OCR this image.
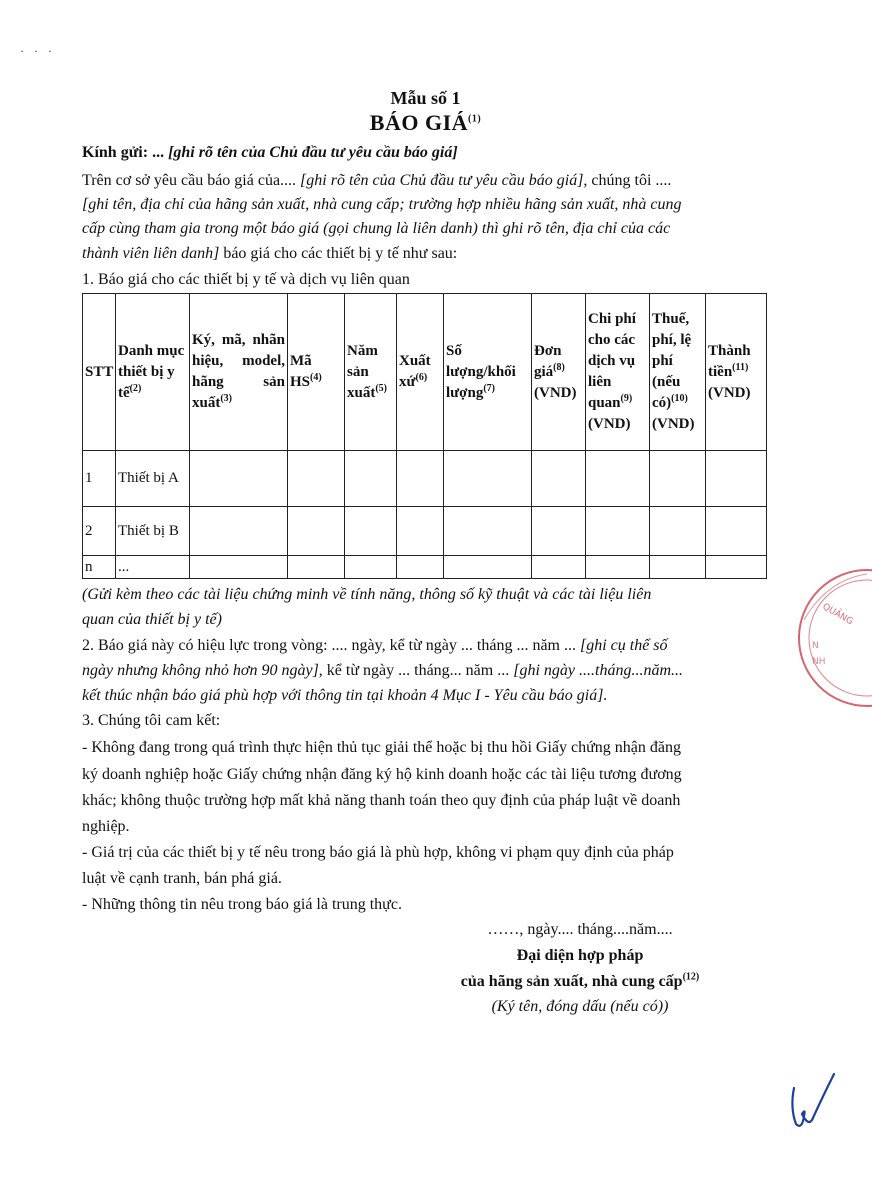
···
Mẫu số 1
BÁO GIÁ$^{(1)}$
Kính gửi: ... [ghi rõ tên của Chủ đầu tư yêu cầu báo giá]
Trên cơ sở yêu cầu báo giá của.... [ghi rõ tên của Chủ đầu tư yêu cầu báo giá], chúng tôi ....
[ghi tên, địa chỉ của hãng sản xuất, nhà cung cấp; trường hợp nhiều hãng sản xuất, nhà cung
cấp cùng tham gia trong một báo giá (gọi chung là liên danh) thì ghi rõ tên, địa chỉ của các
thành viên liên danh] báo giá cho các thiết bị y tế như sau:
1. Báo giá cho các thiết bị y tế và dịch vụ liên quan
STT	Danh mục thiết bị y tế$^{(2)}$	Ký, mã, nhãn hiệu, model, hãng sản xuất$^{(3)}$	Mã HS$^{(4)}$	Năm sản xuất$^{(5)}$	Xuất xứ$^{(6)}$	Số lượng/khối lượng$^{(7)}$	Đơn giá$^{(8)}$ (VND)	Chi phí cho các dịch vụ liên quan$^{(9)}$ (VND)	Thuế, phí, lệ phí (nếu có)$^{(10)}$ (VND)	Thành tiền$^{(11)}$ (VND)
1	Thiết bị A									
2	Thiết bị B									
n	...									
(Gửi kèm theo các tài liệu chứng minh về tính năng, thông số kỹ thuật và các tài liệu liên
quan của thiết bị y tế)
2. Báo giá này có hiệu lực trong vòng: .... ngày, kể từ ngày ... tháng ... năm ... [ghi cụ thể số
ngày nhưng không nhỏ hơn 90 ngày], kể từ ngày ... tháng... năm ... [ghi ngày ....tháng...năm...
kết thúc nhận báo giá phù hợp với thông tin tại khoản 4 Mục I - Yêu cầu báo giá].
3. Chúng tôi cam kết:
- Không đang trong quá trình thực hiện thủ tục giải thể hoặc bị thu hồi Giấy chứng nhận đăng
ký doanh nghiệp hoặc Giấy chứng nhận đăng ký hộ kinh doanh hoặc các tài liệu tương đương
khác; không thuộc trường hợp mất khả năng thanh toán theo quy định của pháp luật về doanh
nghiệp.
- Giá trị của các thiết bị y tế nêu trong báo giá là phù hợp, không vi phạm quy định của pháp
luật về cạnh tranh, bán phá giá.
- Những thông tin nêu trong báo giá là trung thực.
……, ngày.... tháng....năm....
Đại diện hợp pháp
của hãng sản xuất, nhà cung cấp$^{(12)}$
(Ký tên, đóng dấu (nếu có))
QUẢNG
N
NH
